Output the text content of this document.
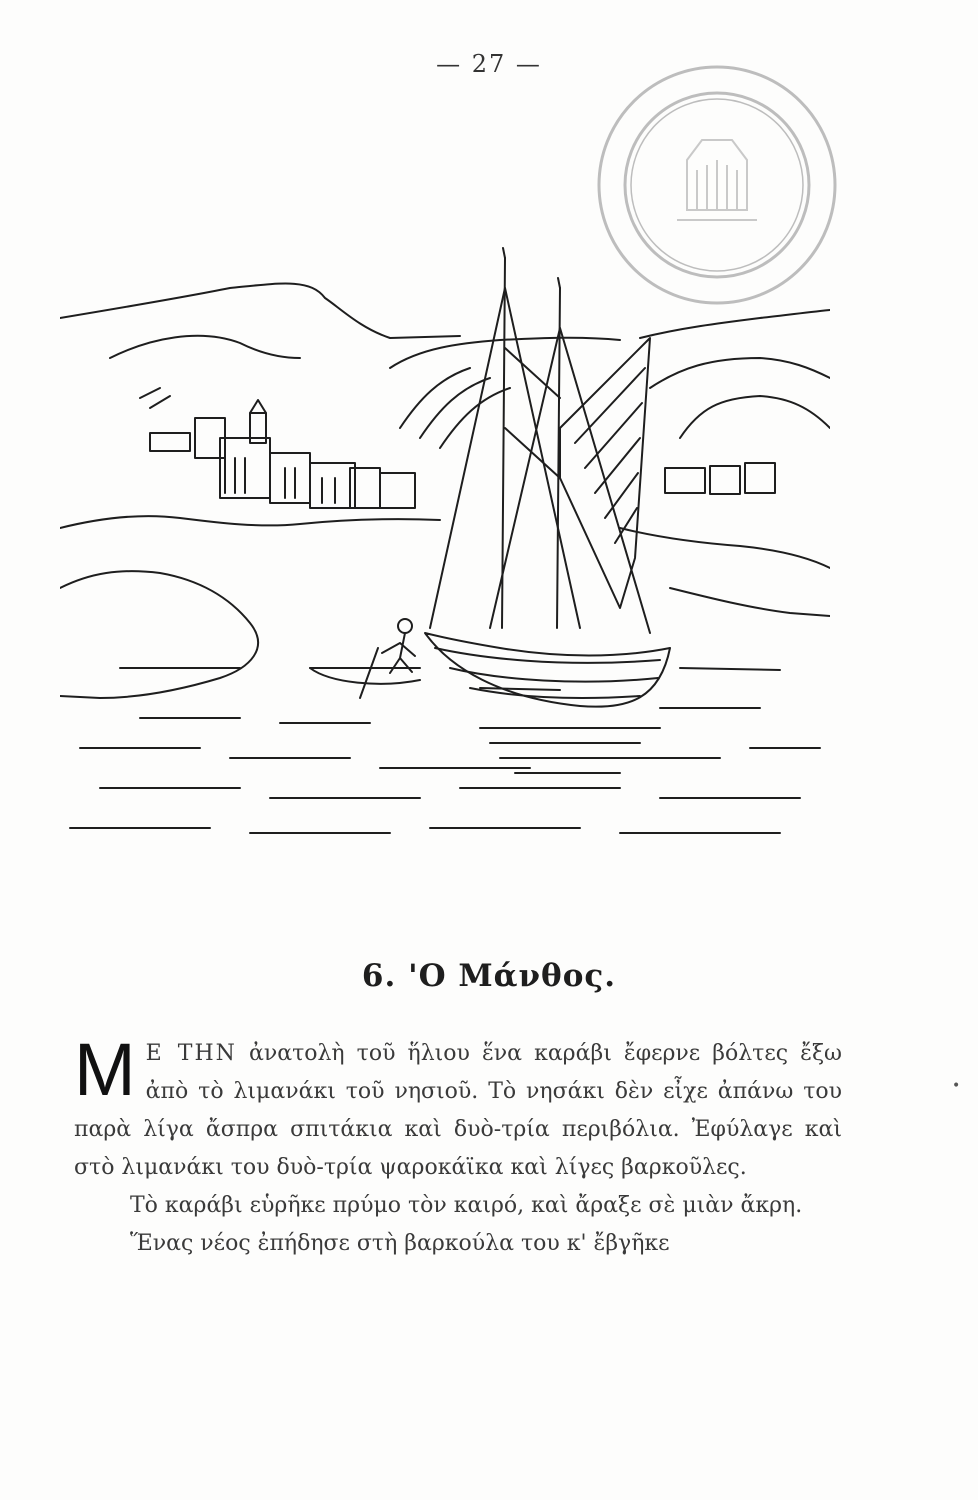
— 27 —
6. 'Ο Μάνθος.

M Ε ΤΗΝ ἀνατολὴ τοῦ ἥλιου ἕνα καράβι ἔφερνε βόλτες ἔξω ἀπὸ τὸ λιμανάκι τοῦ νησιοῦ. Τὸ νησάκι δὲν εἶχε ἀπάνω του παρὰ λίγα ἄσπρα σπιτάκια καὶ δυὸ-τρία περιβόλια. Ἐφύλαγε καὶ στὸ λιμανάκι του δυὸ-τρία ψαροκάϊκα καὶ λίγες βαρκοῦλες.

Τὸ καράβι εὑρῆκε πρύμο τὸν καιρό, καὶ ἄραξε σὲ μιὰν ἄκρη.

Ἕνας νέος ἐπήδησε στὴ βαρκούλα του κ' ἔβγῆκε

•
